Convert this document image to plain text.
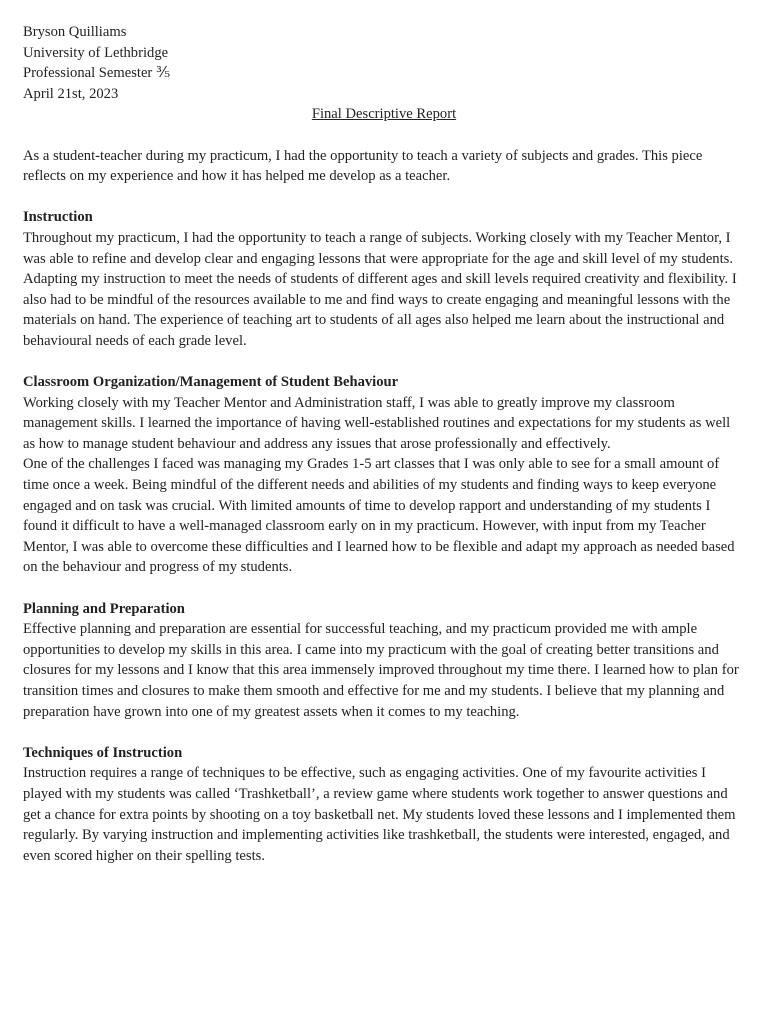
Bryson Quilliams

University of Lethbridge

Professional Semester ⅗

April 21st, 2023

Final Descriptive Report

As a student-teacher during my practicum, I had the opportunity to teach a variety of subjects and grades. This piece reflects on my experience and how it has helped me develop as a teacher.

Instruction

Throughout my practicum, I had the opportunity to teach a range of subjects. Working closely with my Teacher Mentor, I was able to refine and develop clear and engaging lessons that were appropriate for the age and skill level of my students. Adapting my instruction to meet the needs of students of different ages and skill levels required creativity and flexibility. I also had to be mindful of the resources available to me and find ways to create engaging and meaningful lessons with the materials on hand. The experience of teaching art to students of all ages also helped me learn about the instructional and behavioural needs of each grade level.

Classroom Organization/Management of Student Behaviour

Working closely with my Teacher Mentor and Administration staff, I was able to greatly improve my classroom management skills. I learned the importance of having well-established routines and expectations for my students as well as how to manage student behaviour and address any issues that arose professionally and effectively.

One of the challenges I faced was managing my Grades 1-5 art classes that I was only able to see for a small amount of time once a week. Being mindful of the different needs and abilities of my students and finding ways to keep everyone engaged and on task was crucial. With limited amounts of time to develop rapport and understanding of my students I found it difficult to have a well-managed classroom early on in my practicum. However, with input from my Teacher Mentor, I was able to overcome these difficulties and I learned how to be flexible and adapt my approach as needed based on the behaviour and progress of my students.

Planning and Preparation

Effective planning and preparation are essential for successful teaching, and my practicum provided me with ample opportunities to develop my skills in this area. I came into my practicum with the goal of creating better transitions and closures for my lessons and I know that this area immensely improved throughout my time there. I learned how to plan for transition times and closures to make them smooth and effective for me and my students. I believe that my planning and preparation have grown into one of my greatest assets when it comes to my teaching.

Techniques of Instruction

Instruction requires a range of techniques to be effective, such as engaging activities. One of my favourite activities I played with my students was called ‘Trashketball’, a review game where students work together to answer questions and get a chance for extra points by shooting on a toy basketball net. My students loved these lessons and I implemented them regularly. By varying instruction and implementing activities like trashketball, the students were interested, engaged, and even scored higher on their spelling tests.
